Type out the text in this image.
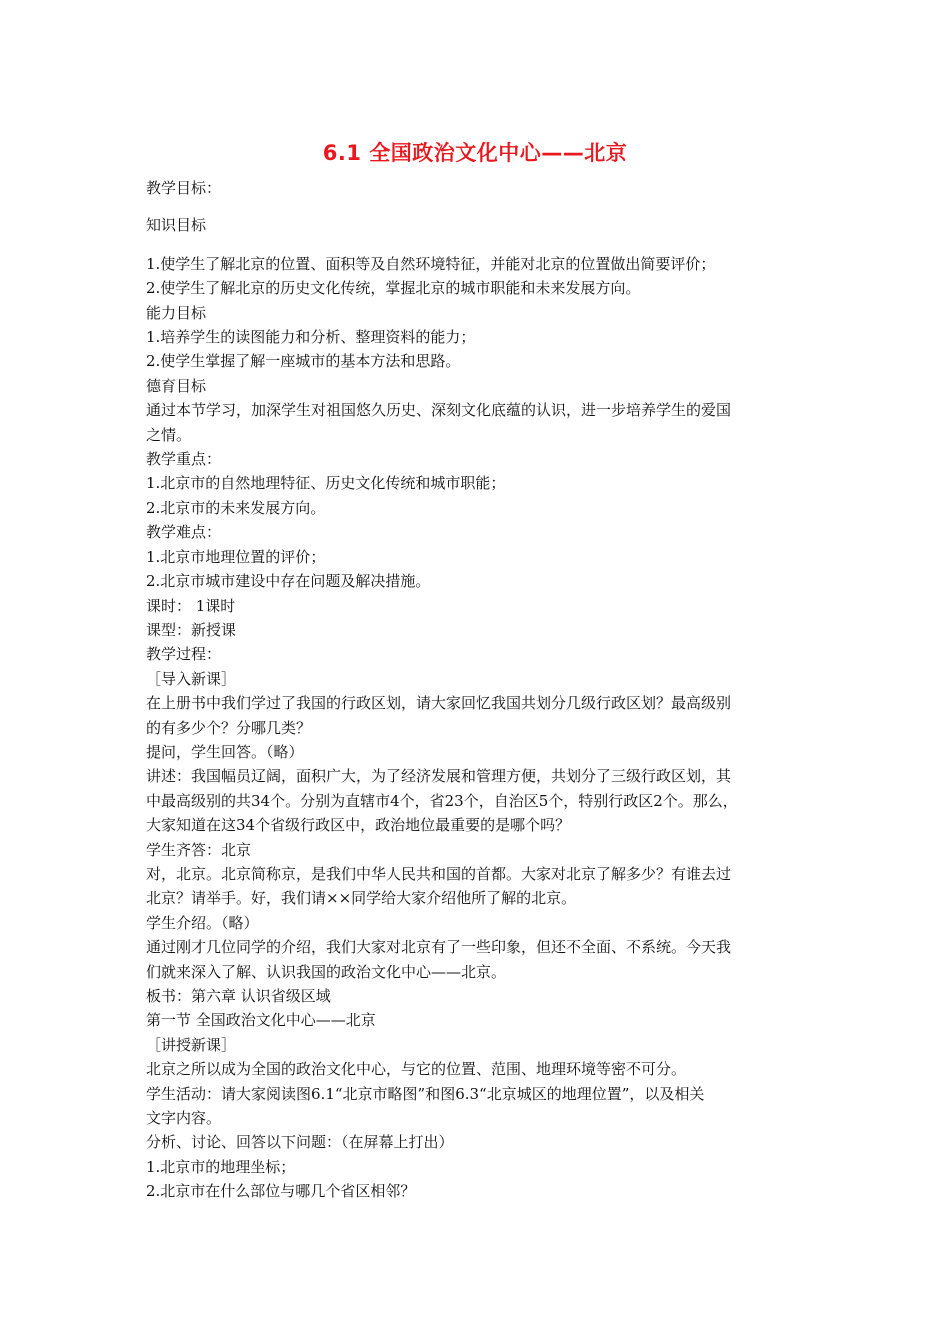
6.1 全国政治文化中心——北京

教学目标：

知识目标

1.使学生了解北京的位置、面积等及自然环境特征，并能对北京的位置做出简要评价；

2.使学生了解北京的历史文化传统，掌握北京的城市职能和未来发展方向。

能力目标

1.培养学生的读图能力和分析、整理资料的能力；

2.使学生掌握了解一座城市的基本方法和思路。

德育目标

通过本节学习，加深学生对祖国悠久历史、深刻文化底蕴的认识，进一步培养学生的爱国

之情。

教学重点：

1.北京市的自然地理特征、历史文化传统和城市职能；

2.北京市的未来发展方向。

教学难点：

1.北京市地理位置的评价；

2.北京市城市建设中存在问题及解决措施。

课时： 1课时

课型：新授课

教学过程：

［导入新课］

在上册书中我们学过了我国的行政区划，请大家回忆我国共划分几级行政区划？最高级别

的有多少个？分哪几类？

提问，学生回答。（略）

讲述：我国幅员辽阔，面积广大，为了经济发展和管理方便，共划分了三级行政区划，其

中最高级别的共34个。分别为直辖市4个，省23个，自治区5个，特别行政区2个。那么，

大家知道在这34个省级行政区中，政治地位最重要的是哪个吗？

学生齐答：北京

对，北京。北京简称京，是我们中华人民共和国的首都。大家对北京了解多少？有谁去过

北京？请举手。好，我们请××同学给大家介绍他所了解的北京。

学生介绍。（略）

通过刚才几位同学的介绍，我们大家对北京有了一些印象，但还不全面、不系统。今天我

们就来深入了解、认识我国的政治文化中心——北京。

板书：第六章 认识省级区域

第一节 全国政治文化中心——北京

［讲授新课］

北京之所以成为全国的政治文化中心，与它的位置、范围、地理环境等密不可分。

学生活动：请大家阅读图6.1“北京市略图”和图6.3“北京城区的地理位置”，以及相关

文字内容。

分析、讨论、回答以下问题：（在屏幕上打出）

1.北京市的地理坐标；

2.北京市在什么部位与哪几个省区相邻？
